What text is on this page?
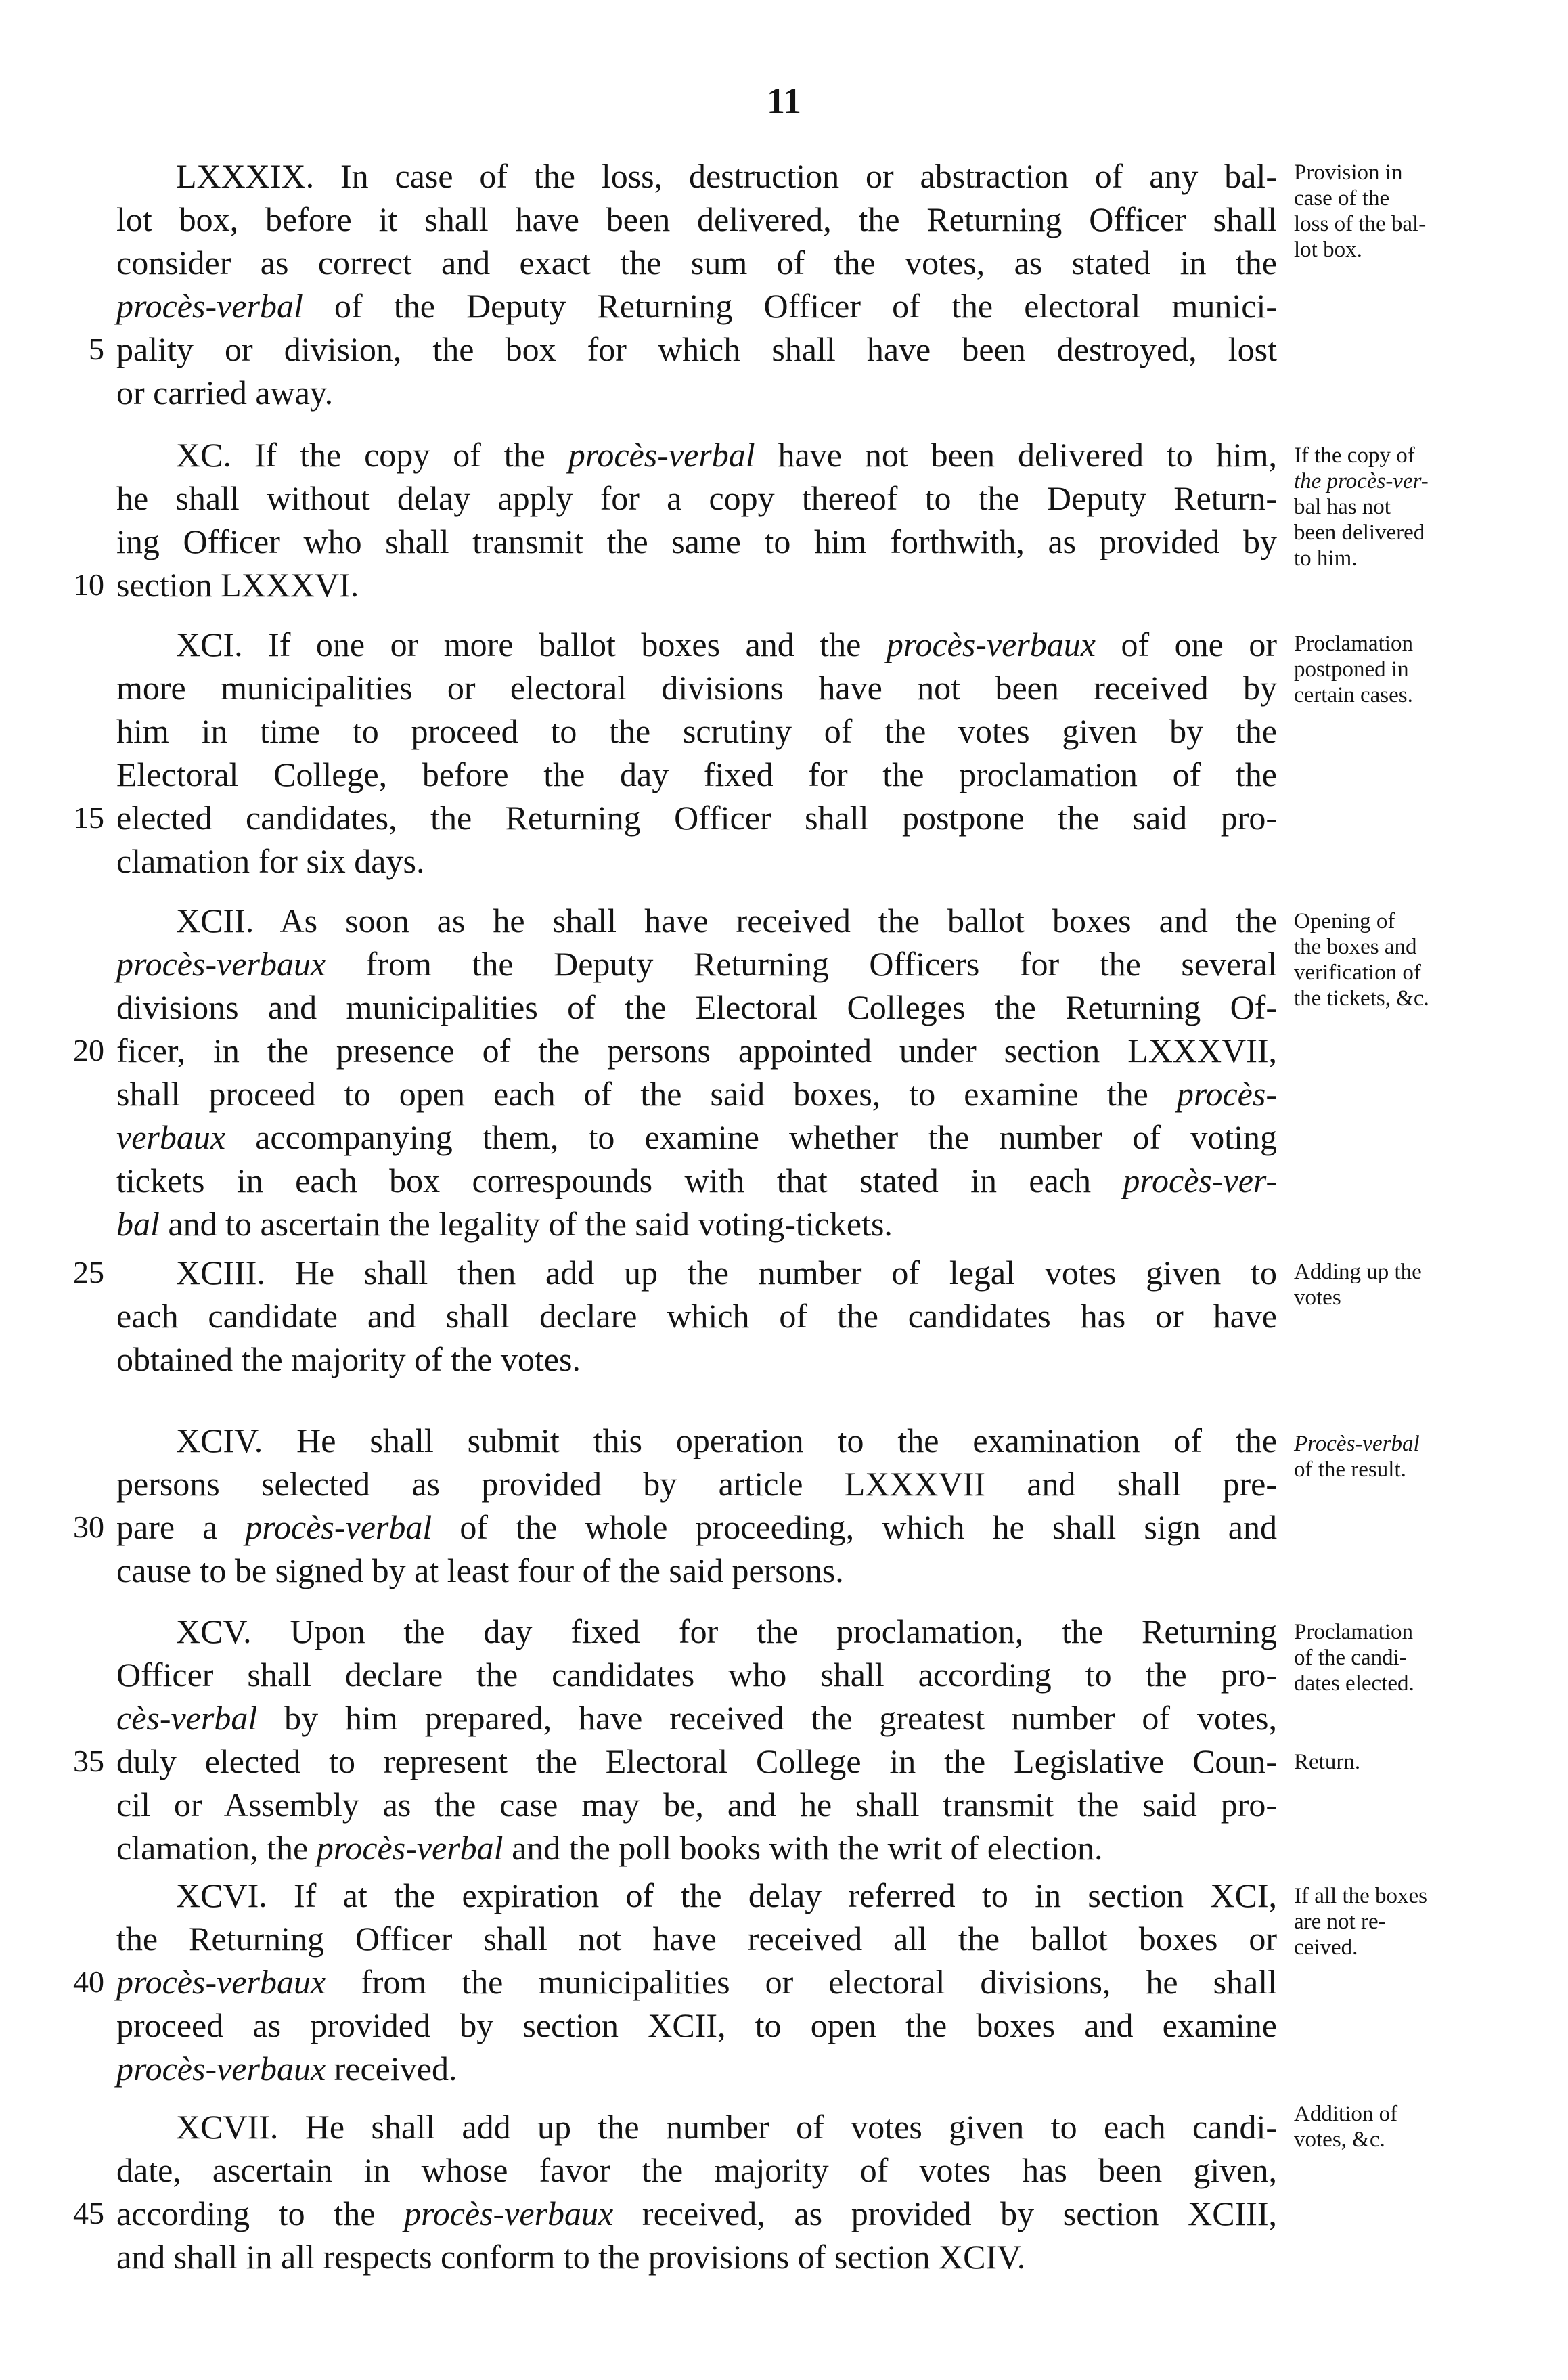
11
LXXXIX. In case of the loss, destruction or abstraction of any bal-
lot box, before it shall have been delivered, the Returning Officer shall
consider as correct and exact the sum of the votes, as stated in the
procès-verbal of the Deputy Returning Officer of the electoral munici-
pality or division, the box for which shall have been destroyed, lost
or carried away.
5
Provision in
case of the
loss of the bal-
lot box.
XC. If the copy of the procès-verbal have not been delivered to him,
he shall without delay apply for a copy thereof to the Deputy Return-
ing Officer who shall transmit the same to him forthwith, as provided by
section LXXXVI.
10
If the copy of
the procès-ver-
bal has not
been delivered
to him.
XCI. If one or more ballot boxes and the procès-verbaux of one or
more municipalities or electoral divisions have not been received by
him in time to proceed to the scrutiny of the votes given by the
Electoral College, before the day fixed for the proclamation of the
elected candidates, the Returning Officer shall postpone the said pro-
clamation for six days.
15
Proclamation
postponed in
certain cases.
XCII. As soon as he shall have received the ballot boxes and the
procès-verbaux from the Deputy Returning Officers for the several
divisions and municipalities of the Electoral Colleges the Returning Of-
ficer, in the presence of the persons appointed under section LXXXVII,
shall proceed to open each of the said boxes, to examine the procès-
verbaux accompanying them, to examine whether the number of voting
tickets in each box correspounds with that stated in each procès-ver-
bal and to ascertain the legality of the said voting-tickets.
20
Opening of
the boxes and
verification of
the tickets, &c.
XCIII. He shall then add up the number of legal votes given to
each candidate and shall declare which of the candidates has or have
obtained the majority of the votes.
25	Adding up the
votes
XCIV. He shall submit this operation to the examination of the
persons selected as provided by article LXXXVII and shall pre-
pare a procès-verbal of the whole proceeding, which he shall sign and
cause to be signed by at least four of the said persons.
30
Procès-verbal
of the result.
XCV. Upon the day fixed for the proclamation, the Returning
Officer shall declare the candidates who shall according to the pro-
cès-verbal by him prepared, have received the greatest number of votes,
duly elected to represent the Electoral College in the Legislative Coun-
cil or Assembly as the case may be, and he shall transmit the said pro-
clamation, the procès-verbal and the poll books with the writ of election.
35
Proclamation
of the candi-
dates elected.
Return.
XCVI. If at the expiration of the delay referred to in section XCI,
the Returning Officer shall not have received all the ballot boxes or
procès-verbaux from the municipalities or electoral divisions, he shall
proceed as provided by section XCII, to open the boxes and examine
procès-verbaux received.
40
If all the boxes
are not re-
ceived.
XCVII. He shall add up the number of votes given to each candi-
date, ascertain in whose favor the majority of votes has been given,
according to the procès-verbaux received, as provided by section XCIII,
and shall in all respects conform to the provisions of section XCIV.
45
Addition of
votes, &c.
